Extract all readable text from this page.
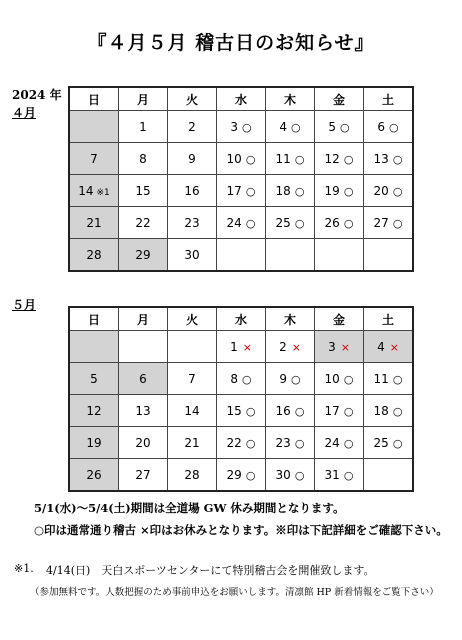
『４月５月 稽古日のお知らせ』
2024 年
４月
日	月	火	水	木	金	土
	1	2	3 ○	4 ○	5 ○	6 ○
7	8	9	10 ○	11 ○	12 ○	13 ○
14 ※1	15	16	17 ○	18 ○	19 ○	20 ○
21	22	23	24 ○	25 ○	26 ○	27 ○
28	29	30				
５月
日	月	火	水	木	金	土
			1 ×	2 ×	3 ×	4 ×
5	6	7	8 ○	9 ○	10 ○	11 ○
12	13	14	15 ○	16 ○	17 ○	18 ○
19	20	21	22 ○	23 ○	24 ○	25 ○
26	27	28	29 ○	30 ○	31 ○	
5/1(水)～5/4(土)期間は全道場 GW 休み期間となります。
○印は通常通り稽古 ×印はお休みとなります。※印は下記詳細をご確認下さい。
※1. 4/14(日)　天白スポーツセンターにて特別稽古会を開催致します。
（参加無料です。人数把握のため事前申込をお願いします。清凛館 HP 新着情報をご覧下さい）
